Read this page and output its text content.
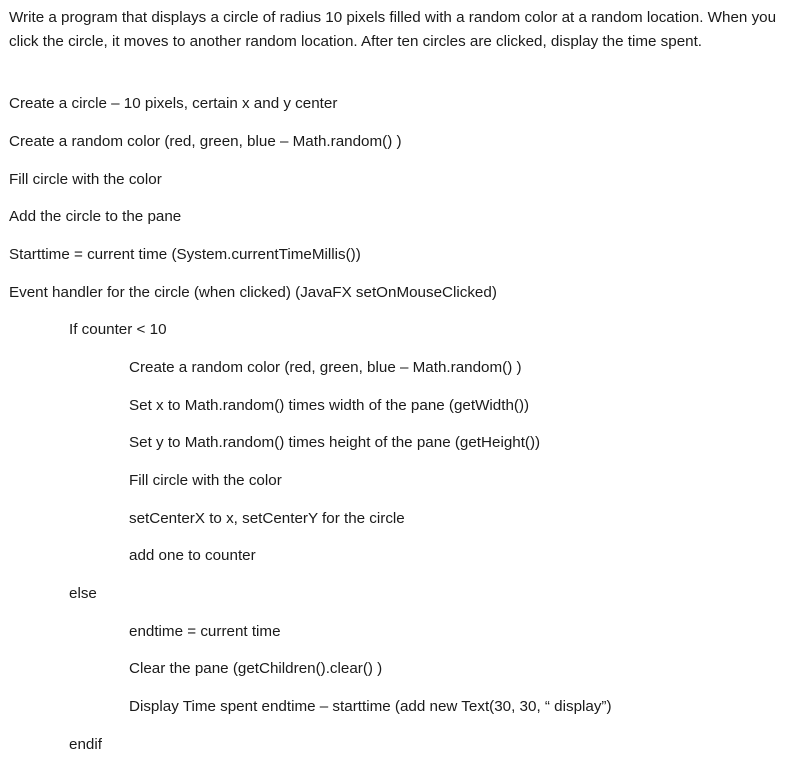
Write a program that displays a circle of radius 10 pixels filled with a random color at a random location. When you click the circle, it moves to another random location. After ten circles are clicked, display the time spent.

Create a circle – 10 pixels, certain x and y center

Create a random color (red, green, blue – Math.random() )

Fill circle with the color

Add the circle to the pane

Starttime = current time (System.currentTimeMillis())

Event handler for the circle (when clicked) (JavaFX setOnMouseClicked)

If counter < 10

Create a random color (red, green, blue – Math.random() )

Set x to Math.random() times width of the pane (getWidth())

Set y to Math.random() times height of the pane (getHeight())

Fill circle with the color

setCenterX to x, setCenterY for the circle

add one to counter

else

endtime = current time

Clear the pane (getChildren().clear() )

Display Time spent endtime – starttime (add new Text(30, 30, “ display”)

endif
